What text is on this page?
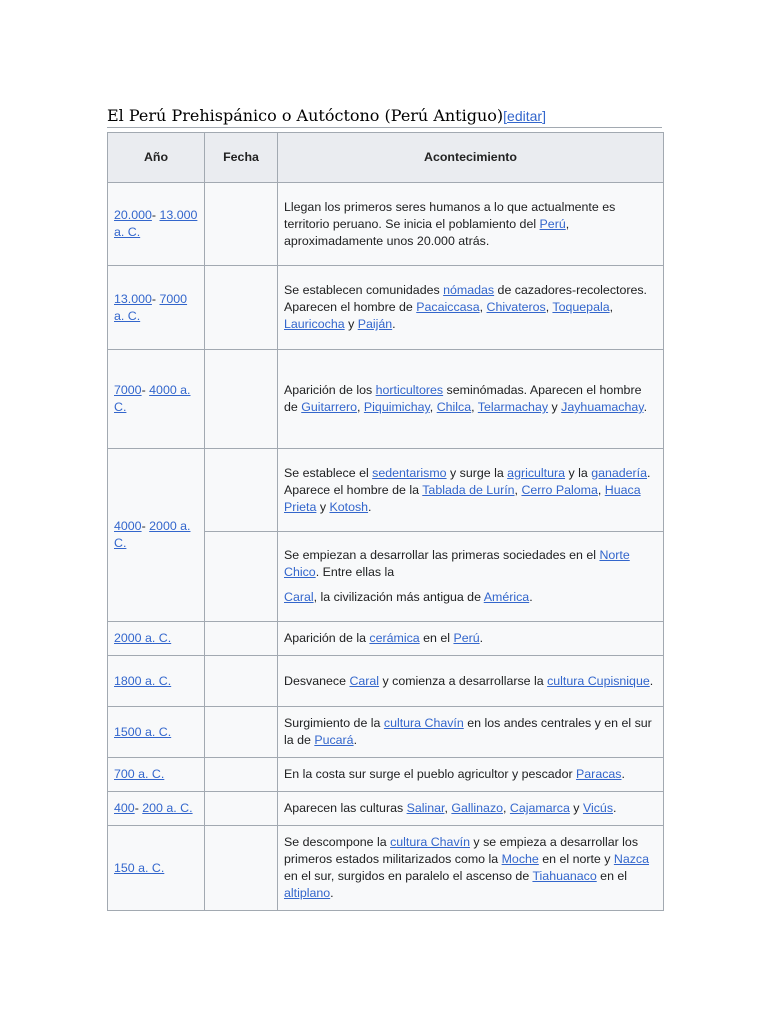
El Perú Prehispánico o Autóctono (Perú Antiguo)[editar]
Año	Fecha	Acontecimiento
20.000- 13.000 a. C.		Llegan los primeros seres humanos a lo que actualmente es territorio peruano. Se inicia el poblamiento del Perú, aproximadamente unos 20.000 atrás.

13.000- 7000 a. C.		Se establecen comunidades nómadas de cazadores-recolectores. Aparecen el hombre de Pacaiccasa, Chivateros, Toquepala, Lauricocha y Paiján.

7000- 4000 a. C.		Aparición de los horticultores seminómadas. Aparecen el hombre de Guitarrero, Piquimichay, Chilca, Telarmachay y Jayhuamachay.

4000- 2000 a. C.		Se establece el sedentarismo y surge la agricultura y la ganadería. Aparece el hombre de la Tablada de Lurín, Cerro Paloma, Huaca Prieta y Kotosh.

		Se empiezan a desarrollar las primeras sociedades en el Norte Chico. Entre ellas la
Caral, la civilización más antigua de América.

2000 a. C.		Aparición de la cerámica en el Perú.

1800 a. C.		Desvanece Caral y comienza a desarrollarse la cultura Cupisnique.

1500 a. C.		Surgimiento de la cultura Chavín en los andes centrales y en el sur la de Pucará.

700 a. C.		En la costa sur surge el pueblo agricultor y pescador Paracas.

400- 200 a. C.		Aparecen las culturas Salinar, Gallinazo, Cajamarca y Vicús.

150 a. C.		Se descompone la cultura Chavín y se empieza a desarrollar los primeros estados militarizados como la Moche en el norte y Nazca en el sur, surgidos en paralelo el ascenso de Tiahuanaco en el altiplano.
